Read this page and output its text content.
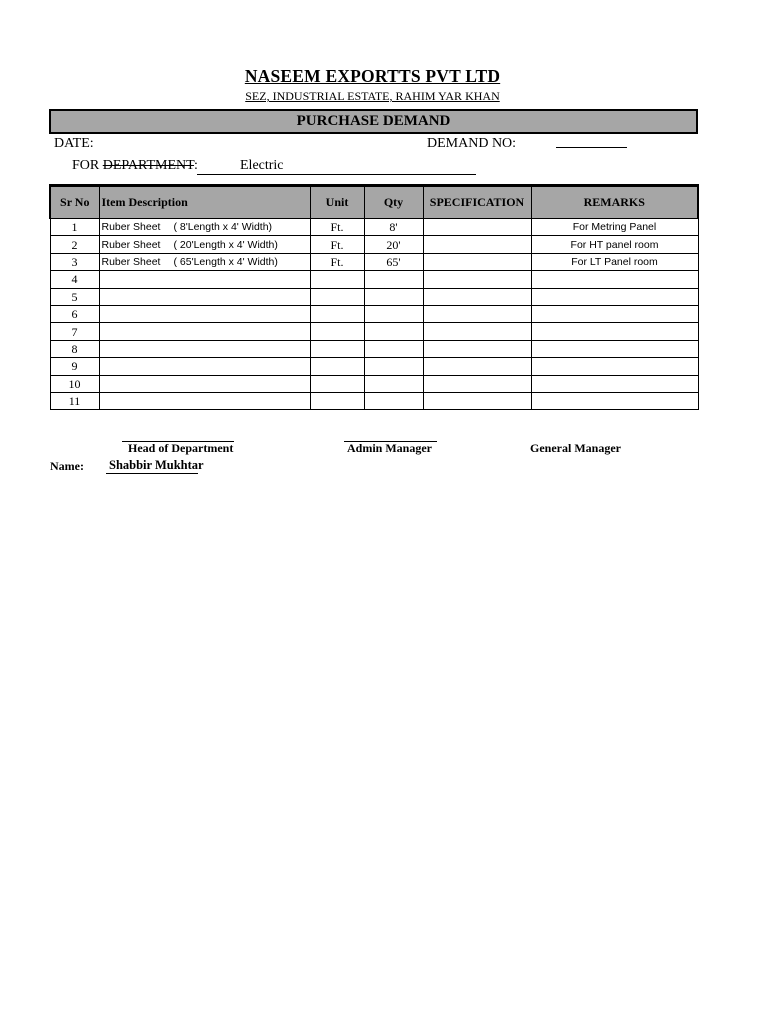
NASEEM EXPORTTS PVT LTD
SEZ, INDUSTRIAL ESTATE, RAHIM YAR KHAN
PURCHASE DEMAND
DATE:	DEMAND NO:
FOR DEPARTMENT:	Electric
Sr No	Item Description	Unit	Qty	SPECIFICATION	REMARKS
1	Ruber Sheet ( 8'Length x 4' Width)	Ft.	8'		For Metring Panel
2	Ruber Sheet ( 20'Length x 4' Width)	Ft.	20'		For HT panel room
3	Ruber Sheet ( 65'Length x 4' Width)	Ft.	65'		For LT Panel room
4					
5					
6					
7					
8					
9					
10					
11					
Head of Department	Admin Manager	General Manager
Name: Shabbir Mukhtar
